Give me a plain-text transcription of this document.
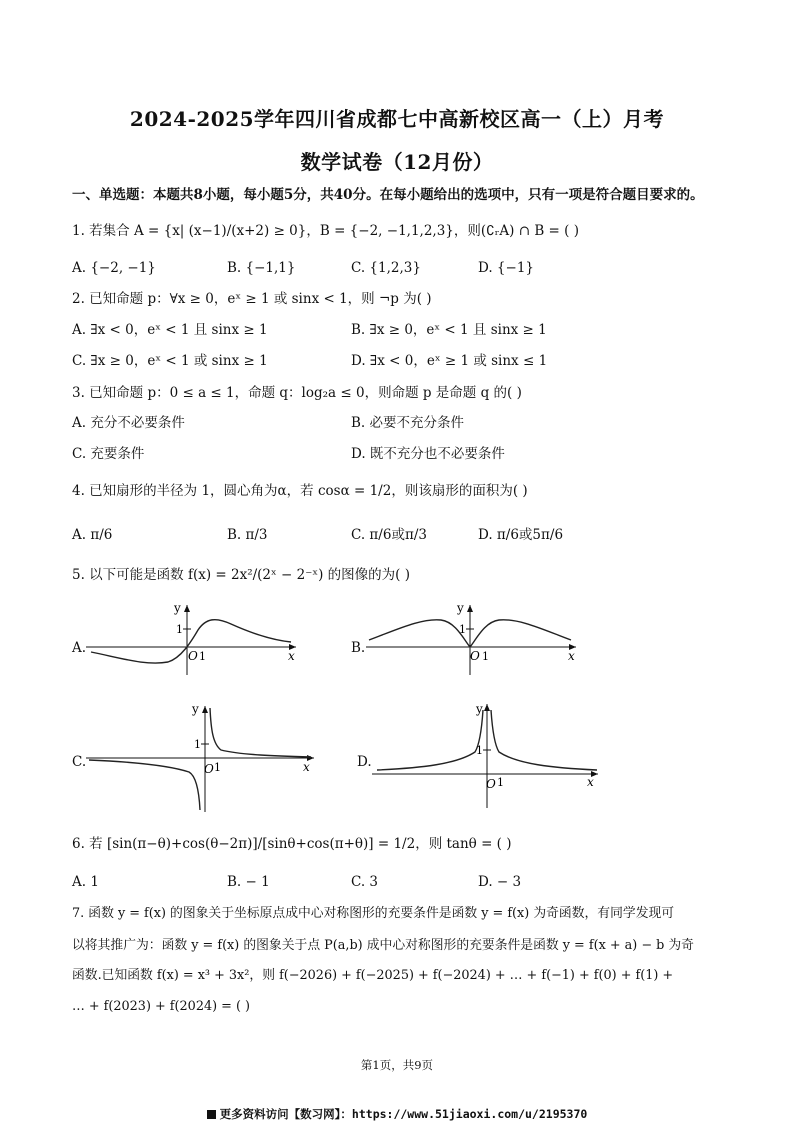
2024-2025学年四川省成都七中高新校区高一（上）月考
数学试卷（12月份）
一、单选题：本题共8小题，每小题5分，共40分。在每小题给出的选项中，只有一项是符合题目要求的。
1. 若集合 A = {x| (x−1)/(x+2) ≥ 0}，B = {−2, −1,1,2,3}，则(∁ᵣA) ∩ B = ( )
A. {−2, −1}	B. {−1,1}	C. {1,2,3}	D. {−1}
2. 已知命题 p：∀x ≥ 0，eˣ ≥ 1 或 sinx < 1，则 ¬p 为( )
A. ∃x < 0，eˣ < 1 且 sinx ≥ 1	B. ∃x ≥ 0，eˣ < 1 且 sinx ≥ 1
C. ∃x ≥ 0，eˣ < 1 或 sinx ≥ 1	D. ∃x < 0，eˣ ≥ 1 或 sinx ≤ 1
3. 已知命题 p：0 ≤ a ≤ 1，命题 q：log₂a ≤ 0，则命题 p 是命题 q 的( )
A. 充分不必要条件	B. 必要不充分条件
C. 充要条件	D. 既不充分也不必要条件
4. 已知扇形的半径为 1，圆心角为α，若 cosα = 1/2，则该扇形的面积为( )
A. π/6	B. π/3	C. π/6或π/3	D. π/6或5π/6
5. 以下可能是函数 f(x) = 2x²/(2ˣ − 2⁻ˣ) 的图像的为( )
A.
y
1
O 1	x	B.
y
1
O 1	x
C.
y
1
O 1	x	D.
y
1
O 1	x
6. 若 [sin(π−θ)+cos(θ−2π)]/[sinθ+cos(π+θ)] = 1/2，则 tanθ = ( )
A. 1	B. − 1	C. 3	D. − 3
7. 函数 y = f(x) 的图象关于坐标原点成中心对称图形的充要条件是函数 y = f(x) 为奇函数，有同学发现可
以将其推广为：函数 y = f(x) 的图象关于点 P(a,b) 成中心对称图形的充要条件是函数 y = f(x + a) − b 为奇
函数.已知函数 f(x) = x³ + 3x²，则 f(−2026) + f(−2025) + f(−2024) + … + f(−1) + f(0) + f(1) +
… + f(2023) + f(2024) = ( )
第1页，共9页
更多资料访问【数习网】：https://www.51jiaoxi.com/u/2195370
